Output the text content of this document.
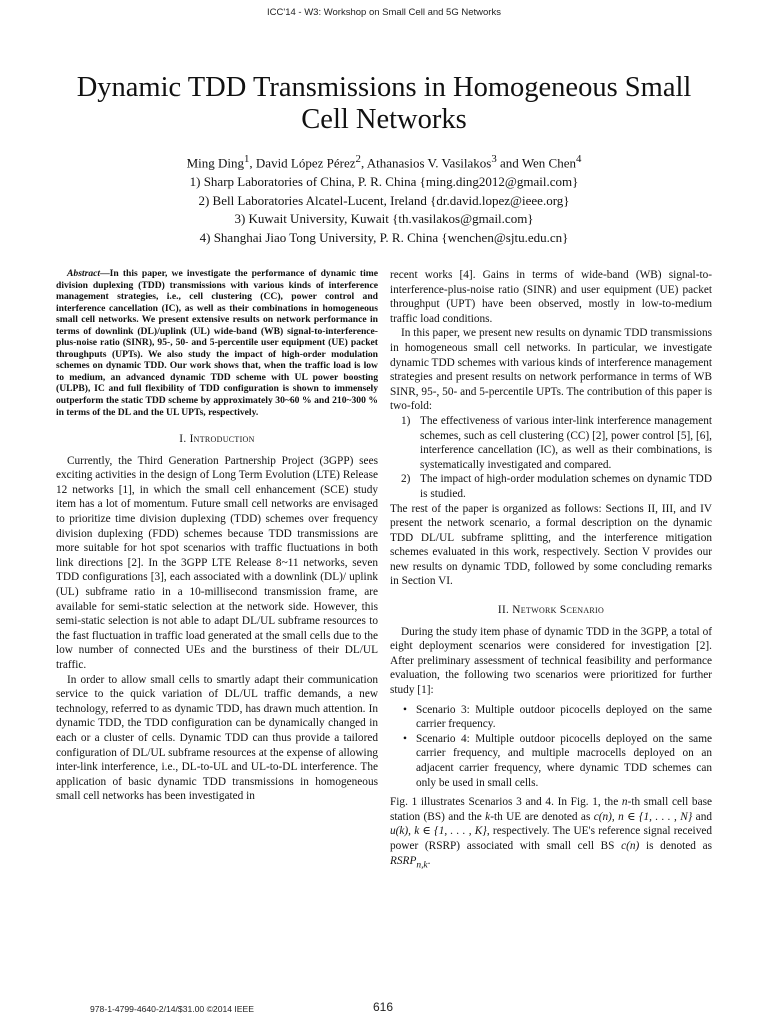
ICC'14 - W3: Workshop on Small Cell and 5G Networks
Dynamic TDD Transmissions in Homogeneous Small Cell Networks
Ming Ding$^1$, David López Pérez$^2$, Athanasios V. Vasilakos$^3$ and Wen Chen$^4$
1) Sharp Laboratories of China, P. R. China {ming.ding2012@gmail.com}
2) Bell Laboratories Alcatel-Lucent, Ireland {dr.david.lopez@ieee.org}
3) Kuwait University, Kuwait {th.vasilakos@gmail.com}
4) Shanghai Jiao Tong University, P. R. China {wenchen@sjtu.edu.cn}

Abstract—In this paper, we investigate the performance of dynamic time division duplexing (TDD) transmissions with various kinds of interference management strategies, i.e., cell clustering (CC), power control and interference cancellation (IC), as well as their combinations in homogeneous small cell networks. We present extensive results on network performance in terms of downlink (DL)/uplink (UL) wide-band (WB) signal-to-interference-plus-noise ratio (SINR), 95-, 50- and 5-percentile user equipment (UE) packet throughputs (UPTs). We also study the impact of high-order modulation schemes on dynamic TDD. Our work shows that, when the traffic load is low to medium, an advanced dynamic TDD scheme with UL power boosting (ULPB), IC and full flexibility of TDD configuration is shown to immensely outperform the static TDD scheme by approximately 30~60 % and 210~300 % in terms of the DL and the UL UPTs, respectively.

I. Introduction

Currently, the Third Generation Partnership Project (3GPP) sees exciting activities in the design of Long Term Evolution (LTE) Release 12 networks [1], in which the small cell enhancement (SCE) study item has a lot of momentum. Future small cell networks are envisaged to prioritize time division duplexing (TDD) schemes over frequency division duplexing (FDD) schemes because TDD transmissions are more suitable for hot spot scenarios with traffic fluctuations in both link directions [2]. In the 3GPP LTE Release 8~11 networks, seven TDD configurations [3], each associated with a downlink (DL)/ uplink (UL) subframe ratio in a 10-millisecond transmission frame, are available for semi-static selection at the network side. However, this semi-static selection is not able to adapt DL/UL subframe resources to the fast fluctuation in traffic load generated at the small cells due to the low number of connected UEs and the burstiness of their DL/UL traffic.

In order to allow small cells to smartly adapt their communication service to the quick variation of DL/UL traffic demands, a new technology, referred to as dynamic TDD, has drawn much attention. In dynamic TDD, the TDD configuration can be dynamically changed in each or a cluster of cells. Dynamic TDD can thus provide a tailored configuration of DL/UL subframe resources at the expense of allowing inter-link interference, i.e., DL-to-UL and UL-to-DL interference. The application of basic dynamic TDD transmissions in homogeneous small cell networks has been investigated in

recent works [4]. Gains in terms of wide-band (WB) signal-to-interference-plus-noise ratio (SINR) and user equipment (UE) packet throughput (UPT) have been observed, mostly in low-to-medium traffic load conditions.

In this paper, we present new results on dynamic TDD transmissions in homogeneous small cell networks. In particular, we investigate dynamic TDD schemes with various kinds of interference management strategies and present results on network performance in terms of WB SINR, 95-, 50- and 5-percentile UPTs. The contribution of this paper is two-fold:

1) The effectiveness of various inter-link interference management schemes, such as cell clustering (CC) [2], power control [5], [6], interference cancellation (IC), as well as their combinations, is systematically investigated and compared.
2) The impact of high-order modulation schemes on dynamic TDD is studied.

The rest of the paper is organized as follows: Sections II, III, and IV present the network scenario, a formal description on the dynamic TDD DL/UL subframe splitting, and the interference mitigation schemes evaluated in this work, respectively. Section V provides our new results on dynamic TDD, followed by some concluding remarks in Section VI.

II. Network Scenario

During the study item phase of dynamic TDD in the 3GPP, a total of eight deployment scenarios were considered for investigation [2]. After preliminary assessment of technical feasibility and performance evaluation, the following two scenarios were prioritized for further study [1]:

• Scenario 3: Multiple outdoor picocells deployed on the same carrier frequency.
• Scenario 4: Multiple outdoor picocells deployed on the same carrier frequency, and multiple macrocells deployed on an adjacent carrier frequency, where dynamic TDD schemes can only be used in small cells.

Fig. 1 illustrates Scenarios 3 and 4. In Fig. 1, the n-th small cell base station (BS) and the k-th UE are denoted as c(n), n ∈ {1, . . . , N} and u(k), k ∈ {1, . . . , K}, respectively. The UE's reference signal received power (RSRP) associated with small cell BS c(n) is denoted as $RSRP_{n,k}$.

978-1-4799-4640-2/14/$31.00 ©2014 IEEE	616
